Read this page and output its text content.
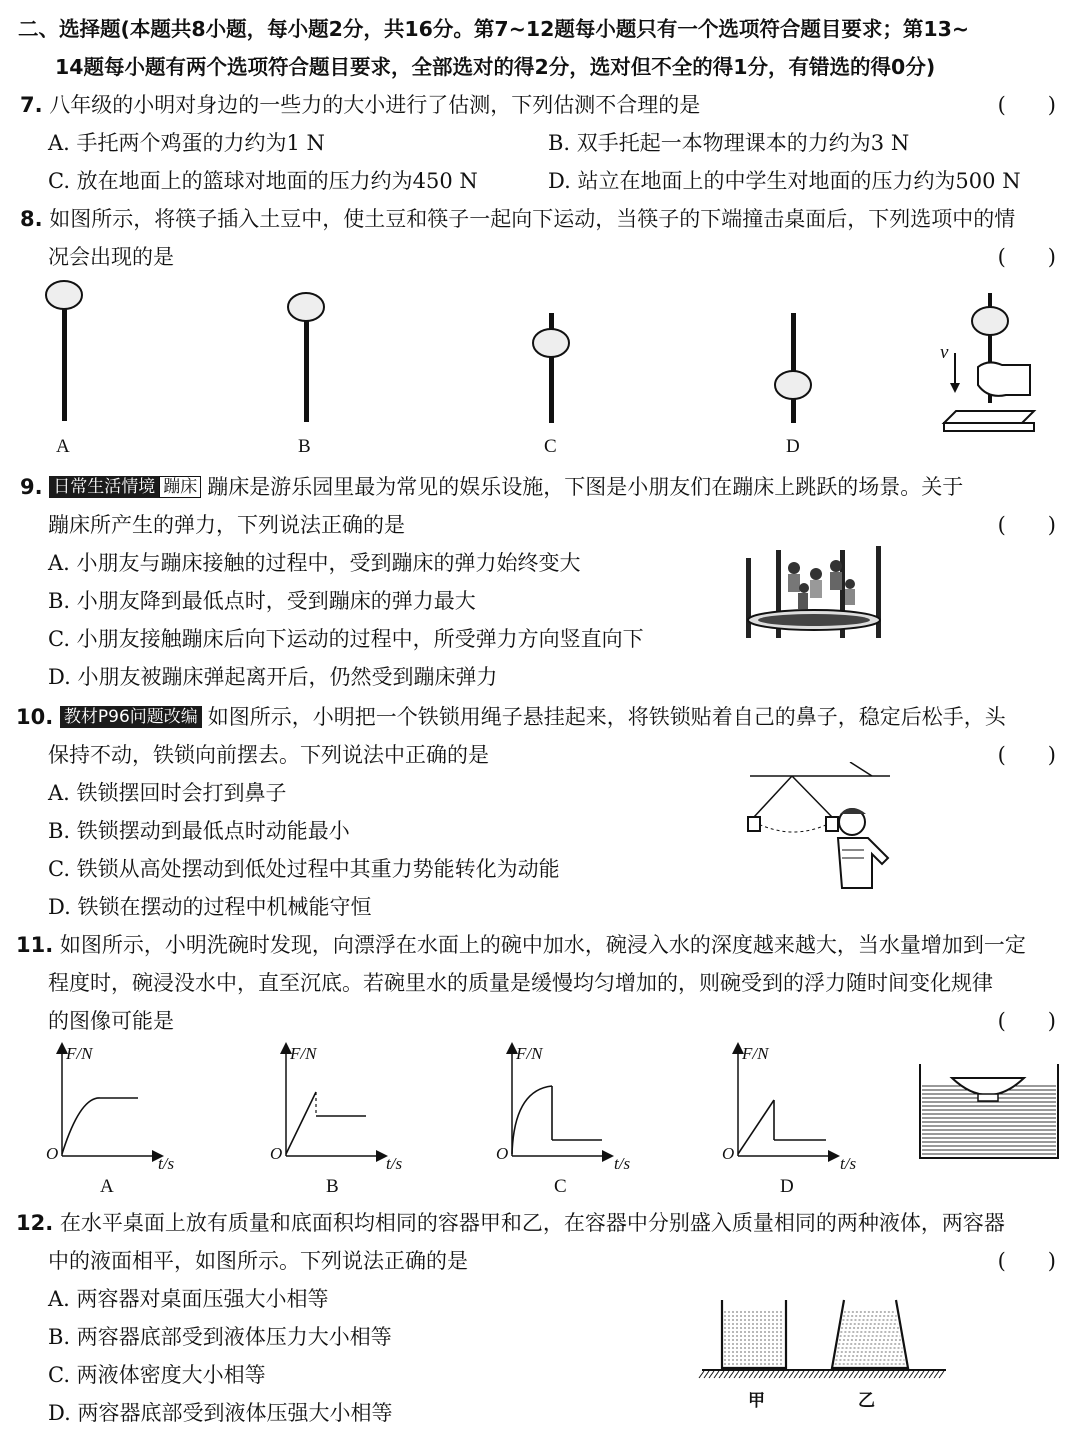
二、选择题(本题共8小题，每小题2分，共16分。第7~12题每小题只有一个选项符合题目要求；第13~
14题每小题有两个选项符合题目要求，全部选对的得2分，选对但不全的得1分，有错选的得0分)
7. 八年级的小明对身边的一些力的大小进行了估测，下列估测不合理的是	(　　)
A. 手托两个鸡蛋的力约为1 N	B. 双手托起一本物理课本的力约为3 N
C. 放在地面上的篮球对地面的压力约为450 N	D. 站立在地面上的中学生对地面的压力约为500 N
8. 如图所示，将筷子插入土豆中，使土豆和筷子一起向下运动，当筷子的下端撞击桌面后，下列选项中的情
况会出现的是	(　　)
v
A	B	C	D
9. 日常生活情境 蹦床 蹦床是游乐园里最为常见的娱乐设施，下图是小朋友们在蹦床上跳跃的场景。关于
蹦床所产生的弹力，下列说法正确的是	(　　)
A. 小朋友与蹦床接触的过程中，受到蹦床的弹力始终变大
B. 小朋友降到最低点时，受到蹦床的弹力最大
C. 小朋友接触蹦床后向下运动的过程中，所受弹力方向竖直向下
D. 小朋友被蹦床弹起离开后，仍然受到蹦床弹力
10. 教材P96问题改编 如图所示，小明把一个铁锁用绳子悬挂起来，将铁锁贴着自己的鼻子，稳定后松手，头
保持不动，铁锁向前摆去。下列说法中正确的是	(　　)
A. 铁锁摆回时会打到鼻子
B. 铁锁摆动到最低点时动能最小
C. 铁锁从高处摆动到低处过程中其重力势能转化为动能
D. 铁锁在摆动的过程中机械能守恒
11. 如图所示，小明洗碗时发现，向漂浮在水面上的碗中加水，碗浸入水的深度越来越大，当水量增加到一定
程度时，碗浸没水中，直至沉底。若碗里水的质量是缓慢均匀增加的，则碗受到的浮力随时间变化规律
的图像可能是	(　　)
F/N	F/N	F/N	F/N
O	O	O	O
t/s	t/s	t/s	t/s
A	B	C	D
12. 在水平桌面上放有质量和底面积均相同的容器甲和乙，在容器中分别盛入质量相同的两种液体，两容器
中的液面相平，如图所示。下列说法正确的是	(　　)
A. 两容器对桌面压强大小相等
B. 两容器底部受到液体压力大小相等
C. 两液体密度大小相等
D. 两容器底部受到液体压强大小相等	甲	乙
